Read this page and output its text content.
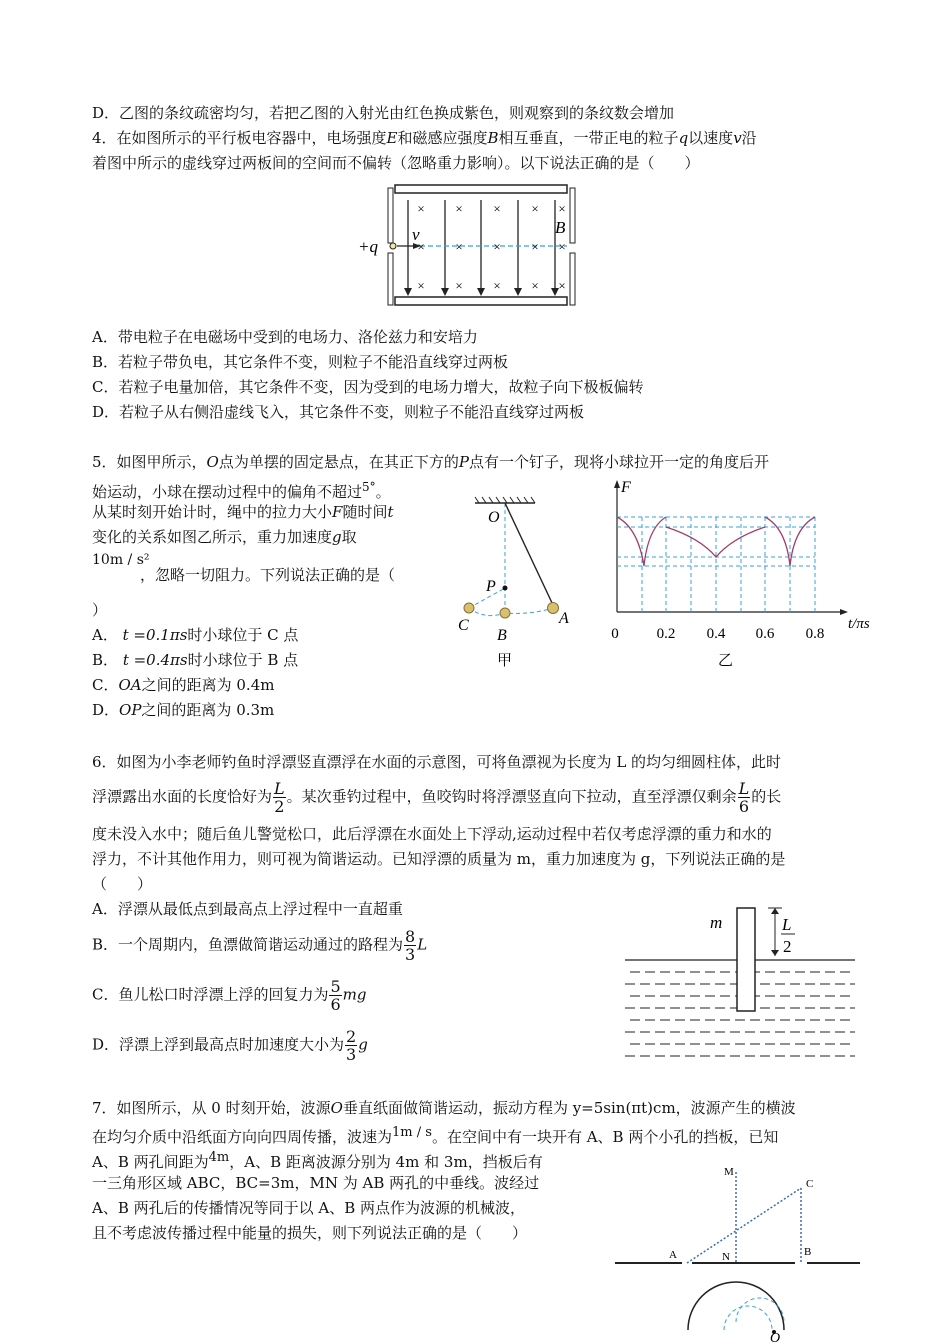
D．乙图的条纹疏密均匀，若把乙图的入射光由红色换成紫色，则观察到的条纹数会增加
4．在如图所示的平行板电容器中，电场强度E和磁感应强度B相互垂直，一带正电的粒子q以速度v沿
着图中所示的虚线穿过两板间的空间而不偏转（忽略重力影响）。以下说法正确的是（　　）
× × × × ×
× × × × ×
× × × × ×
+q
v	B
A．带电粒子在电磁场中受到的电场力、洛伦兹力和安培力
B．若粒子带负电，其它条件不变，则粒子不能沿直线穿过两板
C．若粒子电量加倍，其它条件不变，因为受到的电场力增大，故粒子向下极板偏转
D．若粒子从右侧沿虚线飞入，其它条件不变，则粒子不能沿直线穿过两板
5．如图甲所示，O点为单摆的固定悬点，在其正下方的P点有一个钉子，现将小球拉开一定的角度后开
始运动，小球在摆动过程中的偏角不超过$^{5^\circ}$。
从某时刻开始计时，绳中的拉力大小F随时间t
变化的关系如图乙所示，重力加速度g取
10m / s²
，忽略一切阻力。下列说法正确的是（
）
A． t =0.1πs时小球位于 C 点
B． t =0.4πs时小球位于 B 点
C．OA之间的距离为 0.4m
D．OP之间的距离为 0.3m
O
P
A
B
C
甲
F
t/πs
0	0.2 0.4 0.6 0.8
乙
6．如图为小李老师钓鱼时浮漂竖直漂浮在水面的示意图，可将鱼漂视为长度为 L 的均匀细圆柱体，此时
浮漂露出水面的长度恰好为 $\frac{L}{2}$ 。某次垂钓过程中，鱼咬钩时将浮漂竖直向下拉动，直至浮漂仅剩余 $\frac{L}{6}$ 的长
度未没入水中；随后鱼儿警觉松口，此后浮漂在水面处上下浮动,运动过程中若仅考虑浮漂的重力和水的
浮力，不计其他作用力，则可视为简谐运动。已知浮漂的质量为 m，重力加速度为 g，下列说法正确的是
（　　）
A．浮漂从最低点到最高点上浮过程中一直超重
B．一个周期内，鱼漂做简谐运动通过的路程为 $\frac{8}{3}$ L
C．鱼儿松口时浮漂上浮的回复力为 $\frac{5}{6}$ mg
D．浮漂上浮到最高点时加速度大小为 $\frac{2}{3}$ g
m	L
2
7．如图所示，从 0 时刻开始，波源O垂直纸面做简谐运动，振动方程为 y=5sin(πt)cm，波源产生的横波
在均匀介质中沿纸面方向向四周传播，波速为$^{1m / s}$。在空间中有一块开有 A、B 两个小孔的挡板，已知
A、B 两孔间距为$^{4m}$，A、B 距离波源分别为 4m 和 3m，挡板后有
一三角形区域 ABC，BC=3m，MN 为 AB 两孔的中垂线。波经过
A、B 两孔后的传播情况等同于以 A、B 两点作为波源的机械波，
且不考虑波传播过程中能量的损失，则下列说法正确的是（　　）
M
C
A	N	B
O
